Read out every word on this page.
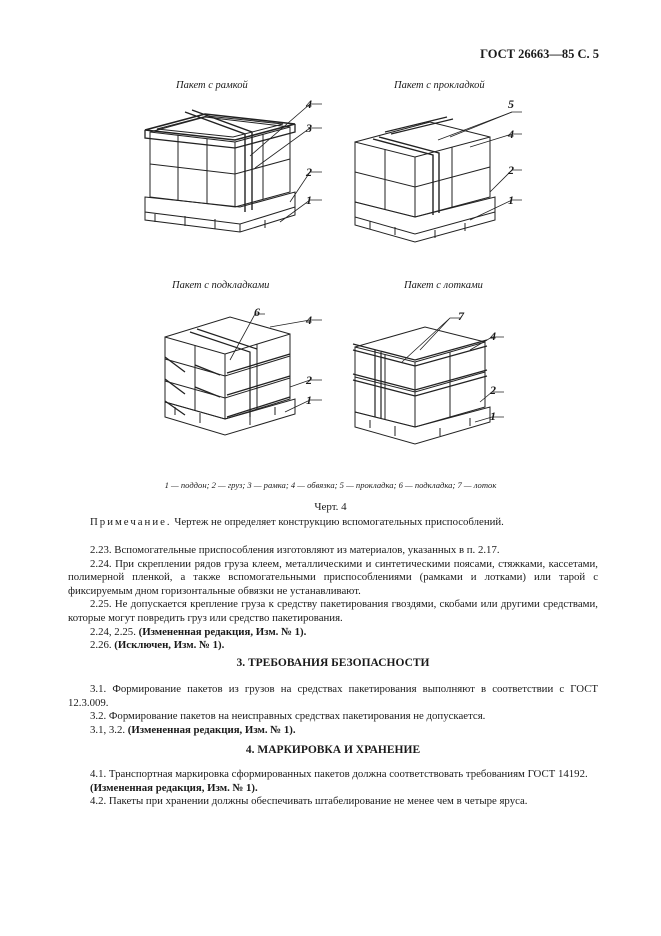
ГОСТ 26663—85 С. 5
Пакет с рамкой	Пакет с прокладкой
Пакет с подкладками	Пакет с лотками
4
3
2
1
5
4
2
1
6
4
2
1
7
4
2
1
1 — поддон; 2 — груз; 3 — рамка; 4 — обвязка; 5 — прокладка; 6 — подкладка; 7 — лоток
Черт. 4

Примечание. Чертеж не определяет конструкцию вспомогательных приспособлений.

2.23. Вспомогательные приспособления изготовляют из материалов, указанных в п. 2.17.

2.24. При скреплении рядов груза клеем, металлическими и синтетическими поясами, стяжками, кассетами, полимерной пленкой, а также вспомогательными приспособлениями (рамками и лотками) или тарой с фиксируемым дном горизонтальные обвязки не устанавливают.

2.25. Не допускается крепление груза к средству пакетирования гвоздями, скобами или другими средствами, которые могут повредить груз или средство пакетирования.

2.24, 2.25. (Измененная редакция, Изм. № 1).

2.26. (Исключен, Изм. № 1).

3. ТРЕБОВАНИЯ БЕЗОПАСНОСТИ

3.1. Формирование пакетов из грузов на средствах пакетирования выполняют в соответствии с ГОСТ 12.3.009.

3.2. Формирование пакетов на неисправных средствах пакетирования не допускается.

3.1, 3.2. (Измененная редакция, Изм. № 1).

4. МАРКИРОВКА И ХРАНЕНИЕ

4.1. Транспортная маркировка сформированных пакетов должна соответствовать требованиям ГОСТ 14192.

(Измененная редакция, Изм. № 1).

4.2. Пакеты при хранении должны обеспечивать штабелирование не менее чем в четыре яруса.
